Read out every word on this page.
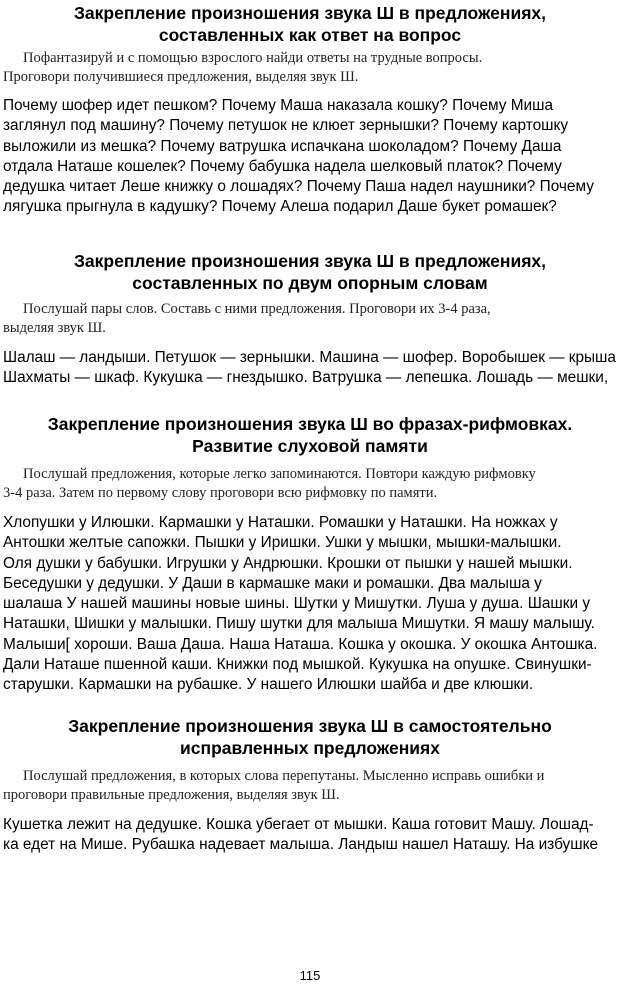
Закрепление произношения звука Ш в предложениях,
составленных как ответ на вопрос
Пофантазируй и с помощью взрослого найди ответы на трудные вопросы.
Проговори получившиеся предложения, выделяя звук Ш.
Почему шофер идет пешком? Почему Маша наказала кошку? Почему Миша
заглянул под машину? Почему петушок не клюет зернышки? Почему картошку
выложили из мешка? Почему ватрушка испачкана шоколадом? Почему Даша
отдала Наташе кошелек? Почему бабушка надела шелковый платок? Почему
дедушка читает Леше книжку о лошадях? Почему Паша надел наушники? Почему
лягушка прыгнула в кадушку? Почему Алеша подарил Даше букет ромашек?
Закрепление произношения звука Ш в предложениях,
составленных по двум опорным словам
Послушай пары слов. Составь с ними предложения. Проговори их 3-4 раза,
выделяя звук Ш.
Шалаш — ландыши. Петушок — зернышки. Машина — шофер. Воробышек — крыша
Шахматы — шкаф. Кукушка — гнездышко. Ватрушка — лепешка. Лошадь — мешки,
Закрепление произношения звука Ш во фразах-рифмовках.
Развитие слуховой памяти
Послушай предложения, которые легко запоминаются. Повтори каждую рифмовку
3-4 раза. Затем по первому слову проговори всю рифмовку по памяти.
Хлопушки у Илюшки. Кармашки у Наташки. Ромашки у Наташки. На ножках у
Антошки желтые сапожки. Пышки у Иришки. Ушки у мышки, мышки-малышки.
Оля душки у бабушки. Игрушки у Андрюшки. Крошки от пышки у нашей мышки.
Беседушки у дедушки. У Даши в кармашке маки и ромашки. Два малыша у
шалаша У нашей машины новые шины. Шутки у Мишутки. Луша у душа. Шашки у
Наташки, Шишки у малышки. Пишу шутки для малыша Мишутки. Я машу малышу.
Малыши[ хороши. Ваша Даша. Наша Наташа. Кошка у окошка. У окошка Антошка.
Дали Наташе пшенной каши. Книжки под мышкой. Кукушка на опушке. Свинушки-
старушки. Кармашки на рубашке. У нашего Илюшки шайба и две клюшки.
Закрепление произношения звука Ш в самостоятельно
исправленных предложениях
Послушай предложения, в которых слова перепутаны. Мысленно исправь ошибки и
проговори правильные предложения, выделяя звук Ш.
Кушетка лежит на дедушке. Кошка убегает от мышки. Каша готовит Машу. Лошад-
ка едет на Мише. Рубашка надевает малыша. Ландыш нашел Наташу. На избушке
115
